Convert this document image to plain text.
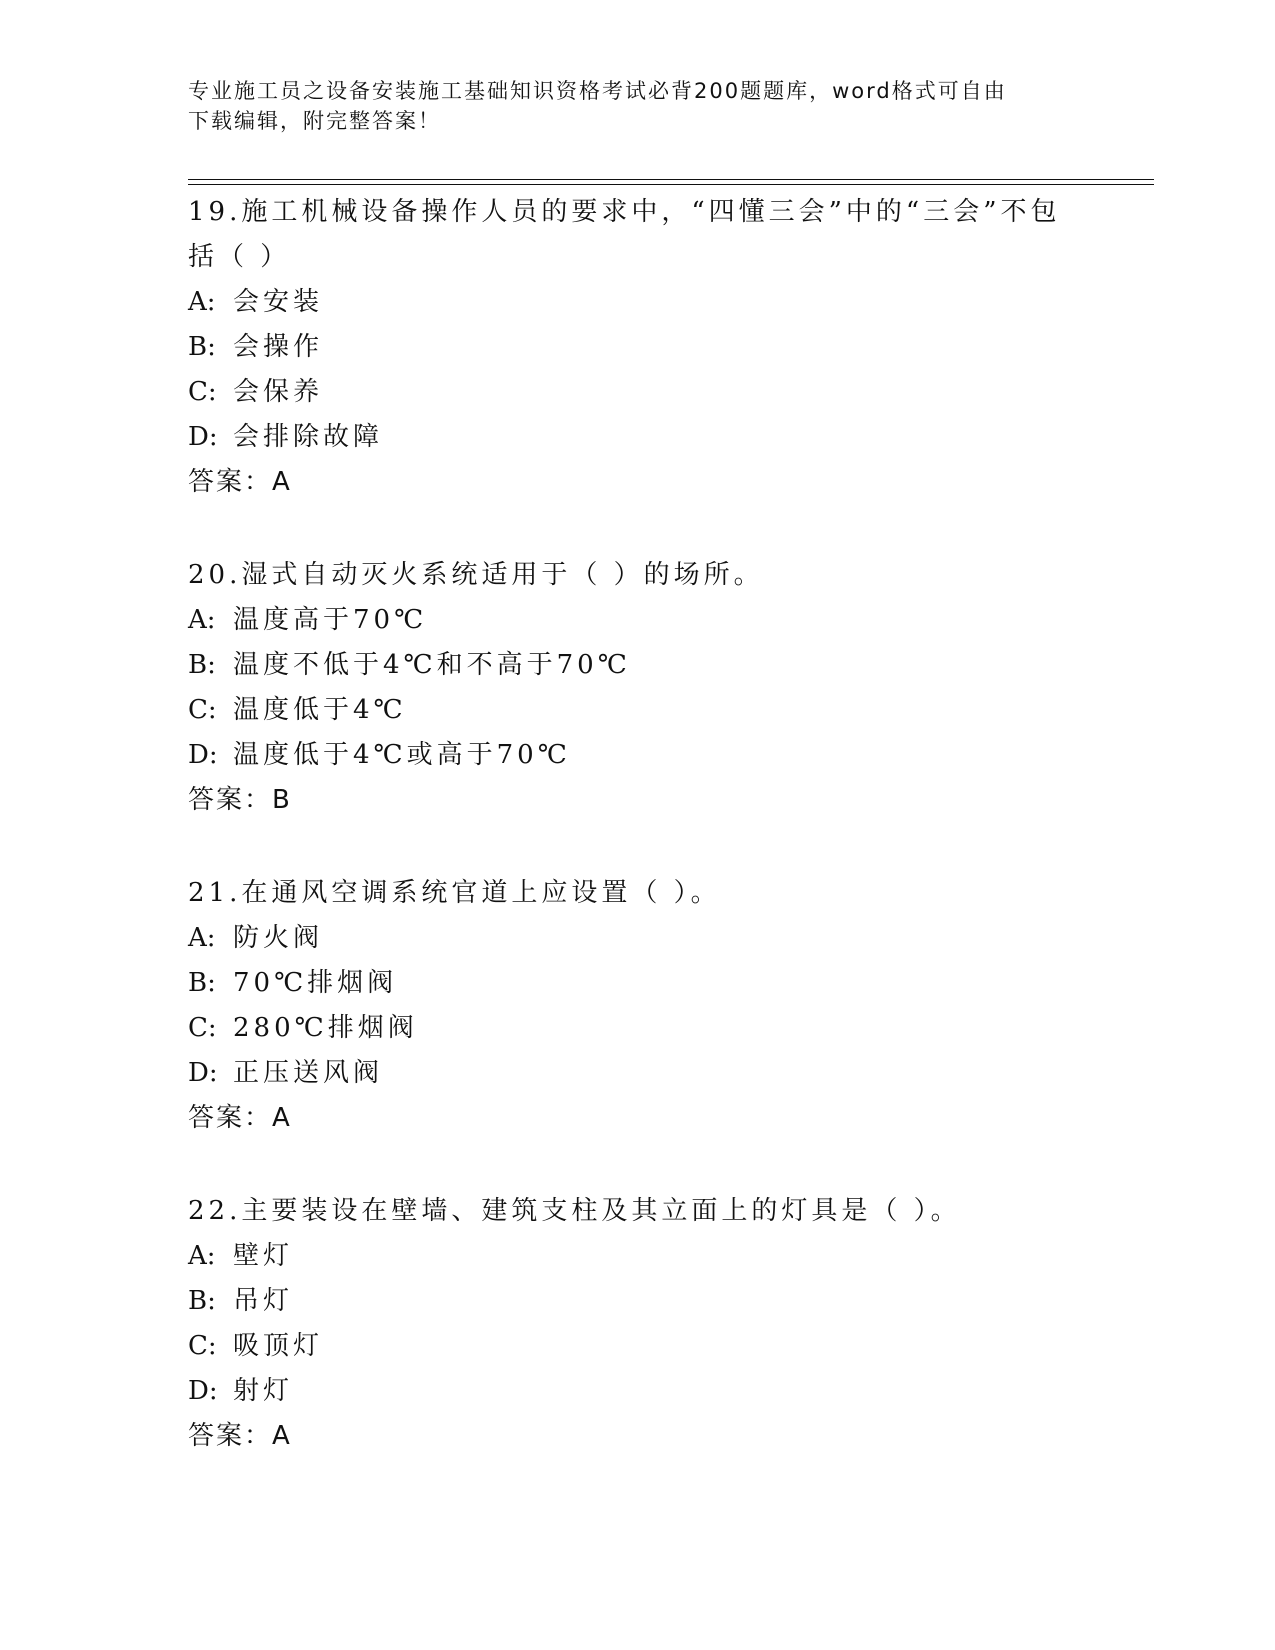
专业施工员之设备安装施工基础知识资格考试必背200题题库，word格式可自由
下载编辑，附完整答案！
19.施工机械设备操作人员的要求中，“四懂三会”中的“三会”不包
括（ ）
A: 会安装
B: 会操作
C: 会保养
D: 会排除故障
答案：A
20.湿式自动灭火系统适用于（ ）的场所。
A: 温度高于70℃
B: 温度不低于4℃和不高于70℃
C: 温度低于4℃
D: 温度低于4℃或高于70℃
答案：B
21.在通风空调系统官道上应设置（ ）。
A: 防火阀
B: 70℃排烟阀
C: 280℃排烟阀
D: 正压送风阀
答案：A
22.主要装设在壁墙、建筑支柱及其立面上的灯具是（ ）。
A: 壁灯
B: 吊灯
C: 吸顶灯
D: 射灯
答案：A
